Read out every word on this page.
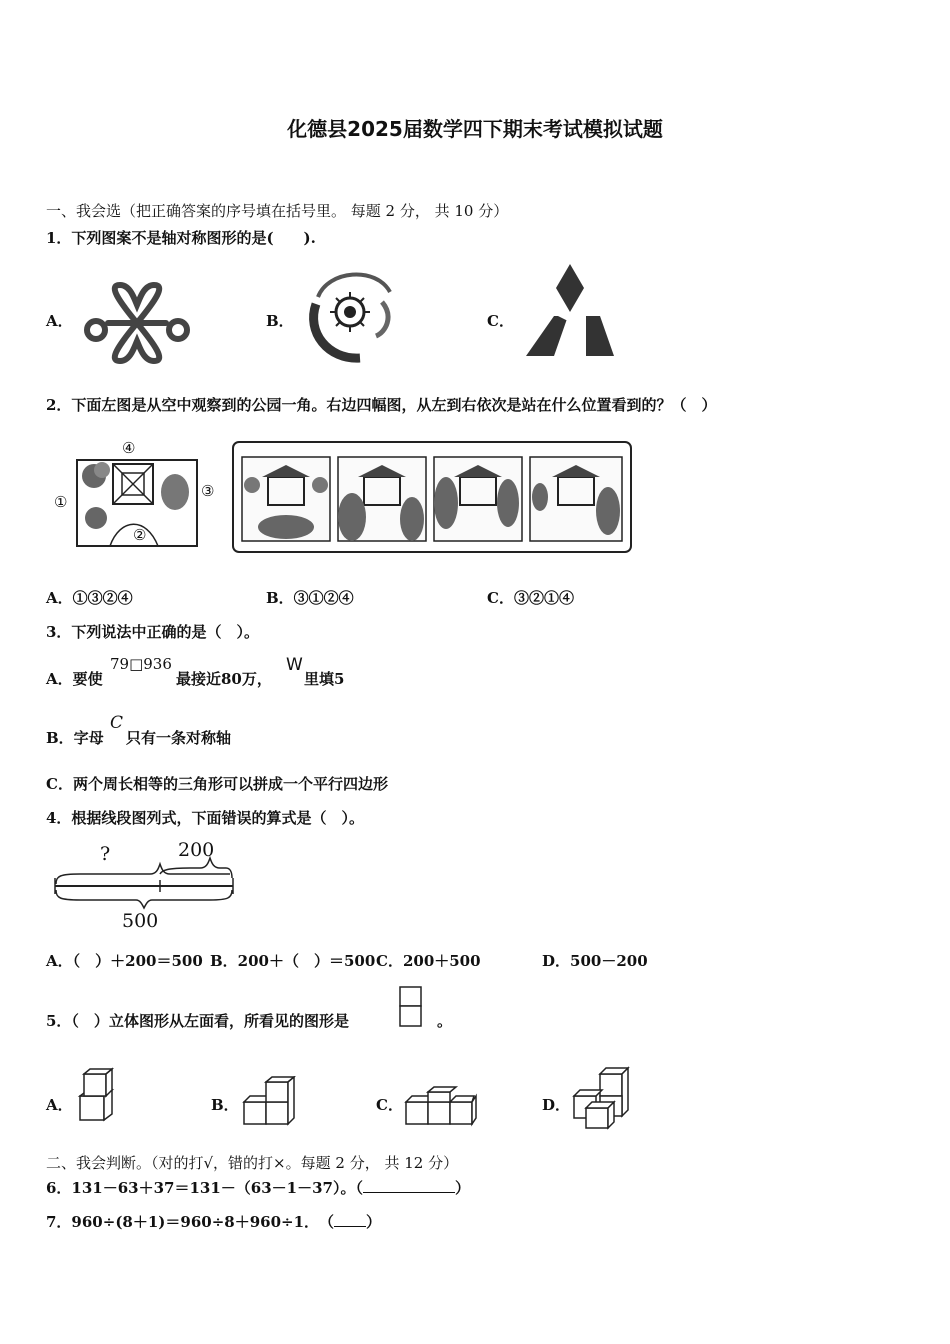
化德县2025届数学四下期末考试模拟试题
一、我会选（把正确答案的序号填在括号里。 每题 2 分， 共 10 分）
1．下列图案不是轴对称图形的是(　　).
A．	B．	C．
2．下面左图是从空中观察到的公园一角。右边四幅图，从左到右依次是站在什么位置看到的？（　）
④
①
③
②
A．①③②④	B．③①②④	C．③②①④
3．下列说法中正确的是（　）。
A．要使
79□936
最接近80万，
W
里填5
B．字母
C
只有一条对称轴
C．两个周长相等的三角形可以拼成一个平行四边形
4．根据线段图列式，下面错误的算式是（　）。
?	200
500
A．（　）＋200＝500 B．200＋（　）＝500 C．200＋500	D．500－200
5．（　）立体图形从左面看，所看见的图形是	。
A．	B．	C．	D．
二、我会判断。（对的打√，错的打×。每题 2 分， 共 12 分）
6．131－63＋37＝131－（63－1－37）。（	）
7．960÷(8＋1)＝960÷8＋960÷1．　（ ）
